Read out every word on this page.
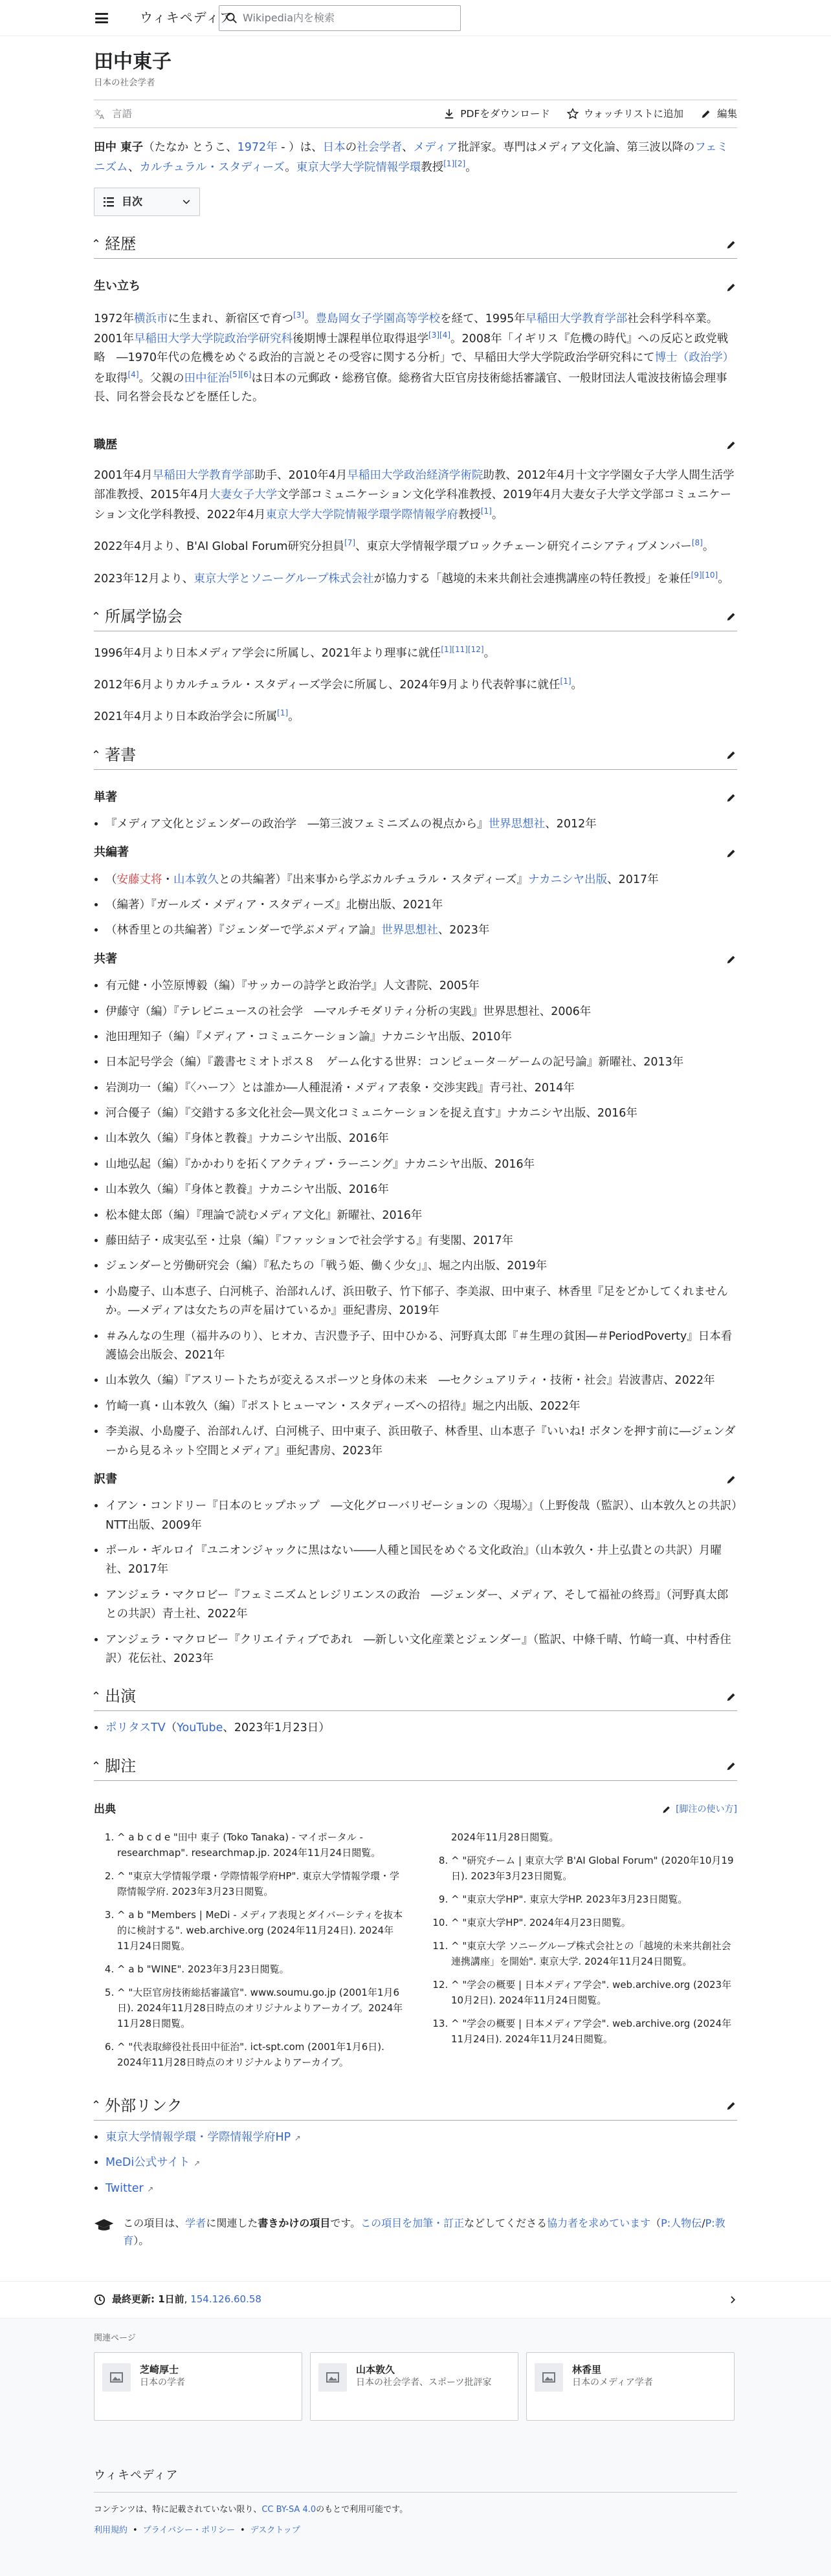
ウィキペディア Wikipedia内を検索
田中東子
日本の社会学者
文
A 言語	PDFをダウンロード	ウォッチリストに追加	編集

田中 東子（たなか とうこ、1972年 - ）は、日本の社会学者、メディア批評家。専門はメディア文化論、第三波以降のフェミニズム、カルチュラル・スタディーズ。東京大学大学院情報学環教授[1][2]。

目次
⌃ 経歴
生い立ち

1972年横浜市に生まれ、新宿区で育つ[3]。豊島岡女子学園高等学校を経て、1995年早稲田大学教育学部社会科学科卒業。2001年早稲田大学大学院政治学研究科後期博士課程単位取得退学[3][4]。2008年「イギリス『危機の時代』への反応と政党戦略　―1970年代の危機をめぐる政治的言説とその受容に関する分析」で、早稲田大学大学院政治学研究科にて博士（政治学）を取得[4]。父親の田中征治[5][6]は日本の元郵政・総務官僚。総務省大臣官房技術総括審議官、一般財団法人電波技術協会理事長、同名誉会長などを歴任した。

職歴

2001年4月早稲田大学教育学部助手、2010年4月早稲田大学政治経済学術院助教、2012年4月十文字学園女子大学人間生活学部准教授、2015年4月大妻女子大学文学部コミュニケーション文化学科准教授、2019年4月大妻女子大学文学部コミュニケーション文化学科教授、2022年4月東京大学大学院情報学環学際情報学府教授[1]。

2022年4月より、B'AI Global Forum研究分担員[7]、東京大学情報学環ブロックチェーン研究イニシアティブメンバー[8]。

2023年12月より、東京大学とソニーグループ株式会社が協力する「越境的未来共創社会連携講座の特任教授」を兼任[9][10]。

⌃ 所属学協会

1996年4月より日本メディア学会に所属し、2021年より理事に就任[1][11][12]。

2012年6月よりカルチュラル・スタディーズ学会に所属し、2024年9月より代表幹事に就任[1]。

2021年4月より日本政治学会に所属[1]。

⌃ 著書
単著
• 『メディア文化とジェンダーの政治学　―第三波フェミニズムの視点から』世界思想社、2012年
共編著
• （安藤丈将・山本敦久との共編著）『出来事から学ぶカルチュラル・スタディーズ』ナカニシヤ出版、2017年
• （編著）『ガールズ・メディア・スタディーズ』北樹出版、2021年
• （林香里との共編著）『ジェンダーで学ぶメディア論』世界思想社、2023年
共著
• 有元健・小笠原博毅（編）『サッカーの詩学と政治学』人文書院、2005年
• 伊藤守（編）『テレビニュースの社会学　―マルチモダリティ分析の実践』世界思想社、2006年
• 池田理知子（編）『メディア・コミュニケーション論』ナカニシヤ出版、2010年
• 日本記号学会（編）『叢書セミオトポス８　ゲーム化する世界：コンピュータ－ゲームの記号論』新曜社、2013年
• 岩渕功一（編）『〈ハーフ〉とは誰か―人種混淆・メディア表象・交渉実践』青弓社、2014年
• 河合優子（編）『交錯する多文化社会―異文化コミュニケーションを捉え直す』ナカニシヤ出版、2016年
• 山本敦久（編）『身体と教養』ナカニシヤ出版、2016年
• 山地弘起（編）『かかわりを拓くアクティブ・ラーニング』ナカニシヤ出版、2016年
• 山本敦久（編）『身体と教養』ナカニシヤ出版、2016年
• 松本健太郎（編）『理論で読むメディア文化』新曜社、2016年
• 藤田結子・成実弘至・辻泉（編）『ファッションで社会学する』有斐閣、2017年
• ジェンダーと労働研究会（編）『私たちの「戦う姫、働く少女」』、堀之内出版、2019年
• 小島慶子、山本恵子、白河桃子、治部れんげ、浜田敬子、竹下郁子、李美淑、田中東子、林香里『足をどかしてくれませんか。―メディアは女たちの声を届けているか』亜紀書房、2019年
• ＃みんなの生理（福井みのり）、ヒオカ、吉沢豊予子、田中ひかる、河野真太郎『＃生理の貧困―＃PeriodPoverty』日本看護協会出版会、2021年
• 山本敦久（編）『アスリートたちが変えるスポーツと身体の未来　―セクシュアリティ・技術・社会』岩波書店、2022年
• 竹崎一真・山本敦久（編）『ポストヒューマン・スタディーズへの招待』堀之内出版、2022年
• 李美淑、小島慶子、治部れんげ、白河桃子、田中東子、浜田敬子、林香里、山本恵子『いいね! ボタンを押す前に―ジェンダーから見るネット空間とメディア』亜紀書房、2023年
訳書
• イアン・コンドリー『日本のヒップホップ　―文化グローバリゼーションの〈現場〉』（上野俊哉（監訳）、山本敦久との共訳）NTT出版、2009年
• ポール・ギルロイ『ユニオンジャックに黒はない――人種と国民をめぐる文化政治』（山本敦久・井上弘貴との共訳）月曜社、2017年
• アンジェラ・マクロビー『フェミニズムとレジリエンスの政治　―ジェンダー、メディア、そして福祉の終焉』（河野真太郎との共訳）青土社、2022年
• アンジェラ・マクロビー『クリエイティブであれ　―新しい文化産業とジェンダー』（監訳、中條千晴、竹崎一真、中村香住訳）花伝社、2023年
⌃ 出演
• ポリタスTV（YouTube、2023年1月23日）
⌃ 脚注
出典	[脚注の使い方]
1. ^ a b c d e "田中 東子 (Toko Tanaka) - マイポータル - researchmap". researchmap.jp. 2024年11月24日閲覧。
2. ^ "東京大学情報学環・学際情報学府HP". 東京大学情報学環・学際情報学府. 2023年3月23日閲覧。
3. ^ a b "Members | MeDi - メディア表現とダイバーシティを抜本的に検討する". web.archive.org (2024年11月24日). 2024年11月24日閲覧。
4. ^ a b "WINE". 2023年3月23日閲覧。
5. ^ "大臣官房技術総括審議官". www.soumu.go.jp (2001年1月6日). 2024年11月28日時点のオリジナルよりアーカイブ。2024年11月28日閲覧。
6. ^ "代表取締役社長田中征治". ict-spt.com (2001年1月6日). 2024年11月28日時点のオリジナルよりアーカイブ。
2024年11月28日閲覧。
8. ^ "研究チーム | 東京大学 B'AI Global Forum" (2020年10月19日). 2023年3月23日閲覧。
9. ^ "東京大学HP". 東京大学HP. 2023年3月23日閲覧。
10. ^ "東京大学HP". 2024年4月23日閲覧。
11. ^ "東京大学 ソニーグループ株式会社との「越境的未来共創社会連携講座」を開始". 東京大学. 2024年11月24日閲覧。
12. ^ "学会の概要 | 日本メディア学会". web.archive.org (2023年10月2日). 2024年11月24日閲覧。
13. ^ "学会の概要 | 日本メディア学会". web.archive.org (2024年11月24日). 2024年11月24日閲覧。
⌃ 外部リンク
• 東京大学情報学環・学際情報学府HP ↗
• MeDi公式サイト ↗
• Twitter ↗
この項目は、学者に関連した書きかけの項目です。この項目を加筆・訂正などしてくださる協力者を求めています（P:人物伝/P:教育）。
最終更新: 1日前 , 154.126.60.58
関連ページ
芝崎厚士
日本の学者
山本敦久
日本の社会学者、スポーツ批評家
林香里
日本のメディア学者
ウィキペディア
コンテンツは、特に記載されていない限り、CC BY-SA 4.0のもとで利用可能です。
利用規約 • プライバシー・ポリシー • デスクトップ
